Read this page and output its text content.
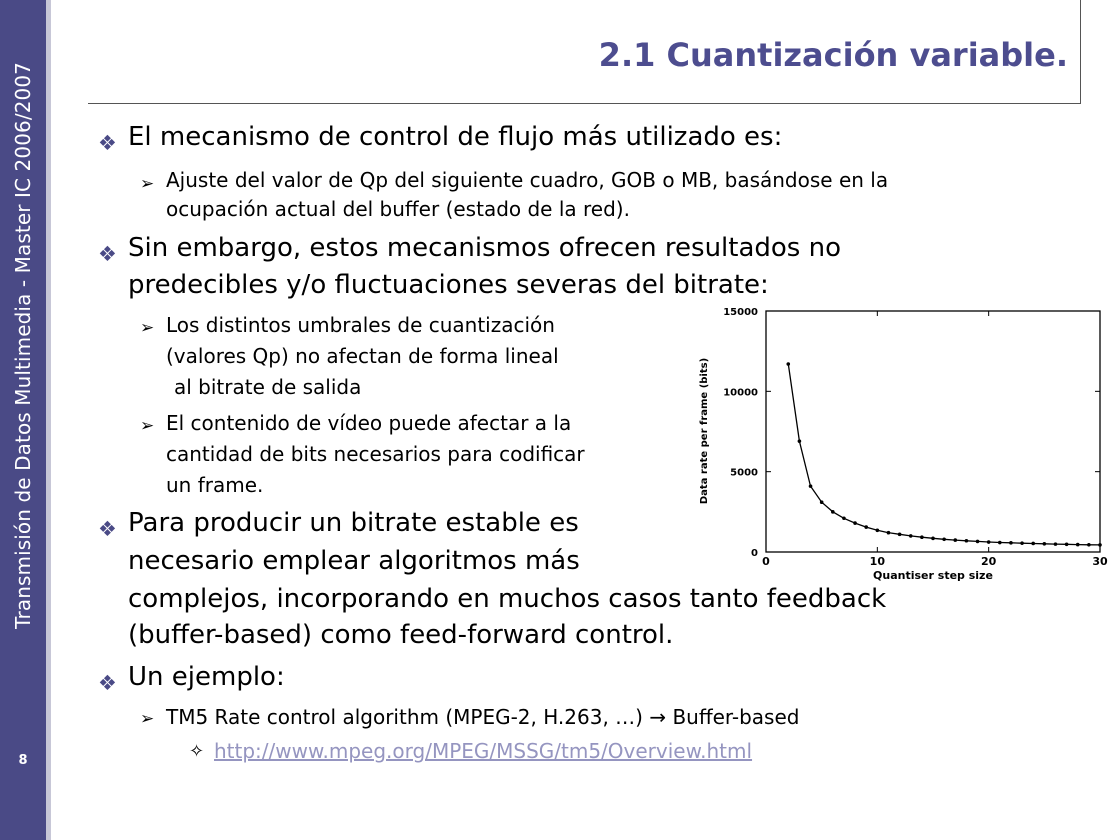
Transmisión de Datos Multimedia - Master IC 2006/2007
8
2.1 Cuantización variable.
❖ El mecanismo de control de flujo más utilizado es:
➢ Ajuste del valor de Qp del siguiente cuadro, GOB o MB, basándose en la
ocupación actual del buffer (estado de la red).
❖ Sin embargo, estos mecanismos ofrecen resultados no
predecibles y/o fluctuaciones severas del bitrate:
➢ Los distintos umbrales de cuantización
(valores Qp) no afectan de forma lineal
al bitrate de salida
➢ El contenido de vídeo puede afectar a la
cantidad de bits necesarios para codificar
un frame.
❖ Para producir un bitrate estable es
necesario emplear algoritmos más
complejos, incorporando en muchos casos tanto feedback
(buffer-based) como feed-forward control.
❖ Un ejemplo:
➢ TM5 Rate control algorithm (MPEG-2, H.263, …) → Buffer-based
✧ http://www.mpeg.org/MPEG/MSSG/tm5/Overview.html
0	10	20	30
0
5000
10000
15000
Quantiser step size
Data rate per frame (bits)
